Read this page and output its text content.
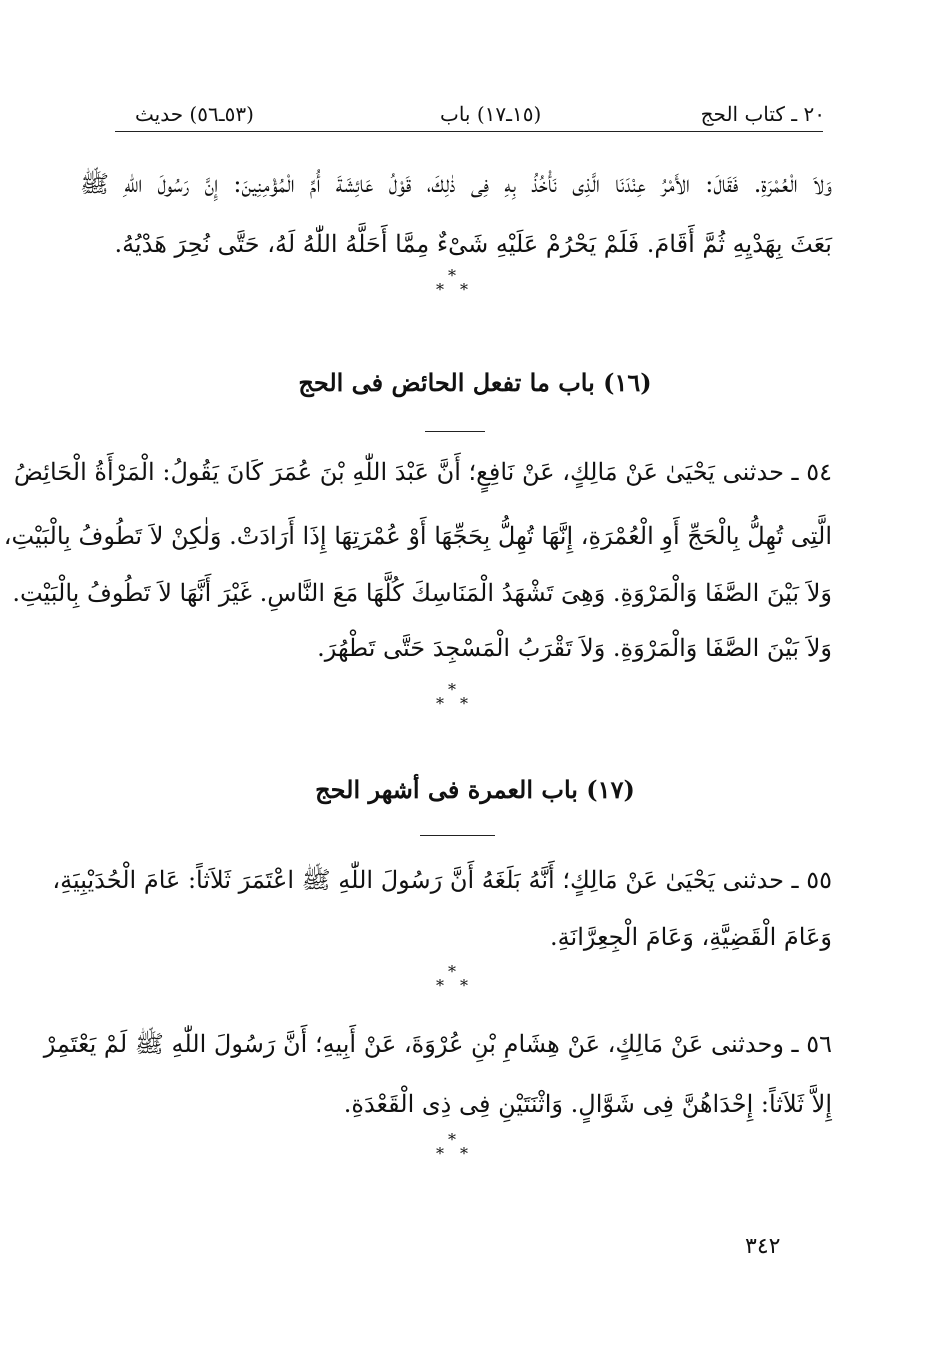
(٥٣ـ٥٦) حديث	(١٥ـ١٧) باب	٢٠ ـ كتاب الحج
وَلاَ الْعُمْرَةِ. فَقَالَ: الأَمْرُ عِنْدَنَا الَّذِى نَأْخُذُ بِهِ فِى ذٰلِكَ، قَوْلُ عَائِشَةَ أُمِّ الْمُؤْمِنِينَ: إِنَّ رَسُولَ اللّٰهِ ﷺ
بَعَثَ بِهَدْيِهِ ثُمَّ أَقَامَ. فَلَمْ يَحْرُمْ عَلَيْهِ شَىْءٌ مِمَّا أَحَلَّهُ اللّٰهُ لَهُ، حَتَّى نُحِرَ هَدْيُهُ.
*
* *
(١٦) باب ما تفعل الحائض فى الحج
٥٤ ـ حدثنى يَحْيَىٰ عَنْ مَالِكٍ، عَنْ نَافِعٍ؛ أَنَّ عَبْدَ اللّٰهِ بْنَ عُمَرَ كَانَ يَقُولُ: الْمَرْأَةُ الْحَائِضُ
الَّتِى تُهِلُّ بِالْحَجِّ أَوِ الْعُمْرَةِ، إِنَّهَا تُهِلُّ بِحَجِّهَا أَوْ عُمْرَتِهَا إِذَا أَرَادَتْ. وَلٰكِنْ لاَ تَطُوفُ بِالْبَيْتِ،
وَلاَ بَيْنَ الصَّفَا وَالْمَرْوَةِ. وَهِىَ تَشْهَدُ الْمَنَاسِكَ كُلَّهَا مَعَ النَّاسِ. غَيْرَ أَنَّهَا لاَ تَطُوفُ بِالْبَيْتِ.
وَلاَ بَيْنَ الصَّفَا وَالْمَرْوَةِ. وَلاَ تَقْرَبُ الْمَسْجِدَ حَتَّى تَطْهُرَ.
*
* *
(١٧) باب العمرة فى أشهر الحج
٥٥ ـ حدثنى يَحْيَىٰ عَنْ مَالِكٍ؛ أَنَّهُ بَلَغَهُ أَنَّ رَسُولَ اللّٰهِ ﷺ اعْتَمَرَ ثَلاَثاً: عَامَ الْحُدَيْبِيَةِ،
وَعَامَ الْقَضِيَّةِ، وَعَامَ الْجِعِرَّانَةِ.
*
* *
٥٦ ـ وحدثنى عَنْ مَالِكٍ، عَنْ هِشَامِ بْنِ عُرْوَةَ، عَنْ أَبِيهِ؛ أَنَّ رَسُولَ اللّٰهِ ﷺ لَمْ يَعْتَمِرْ
إِلاَّ ثَلاَثاً: إِحْدَاهُنَّ فِى شَوَّالٍ. وَاثْنَتَيْنِ فِى ذِى الْقَعْدَةِ.
*
* *
٣٤٢
